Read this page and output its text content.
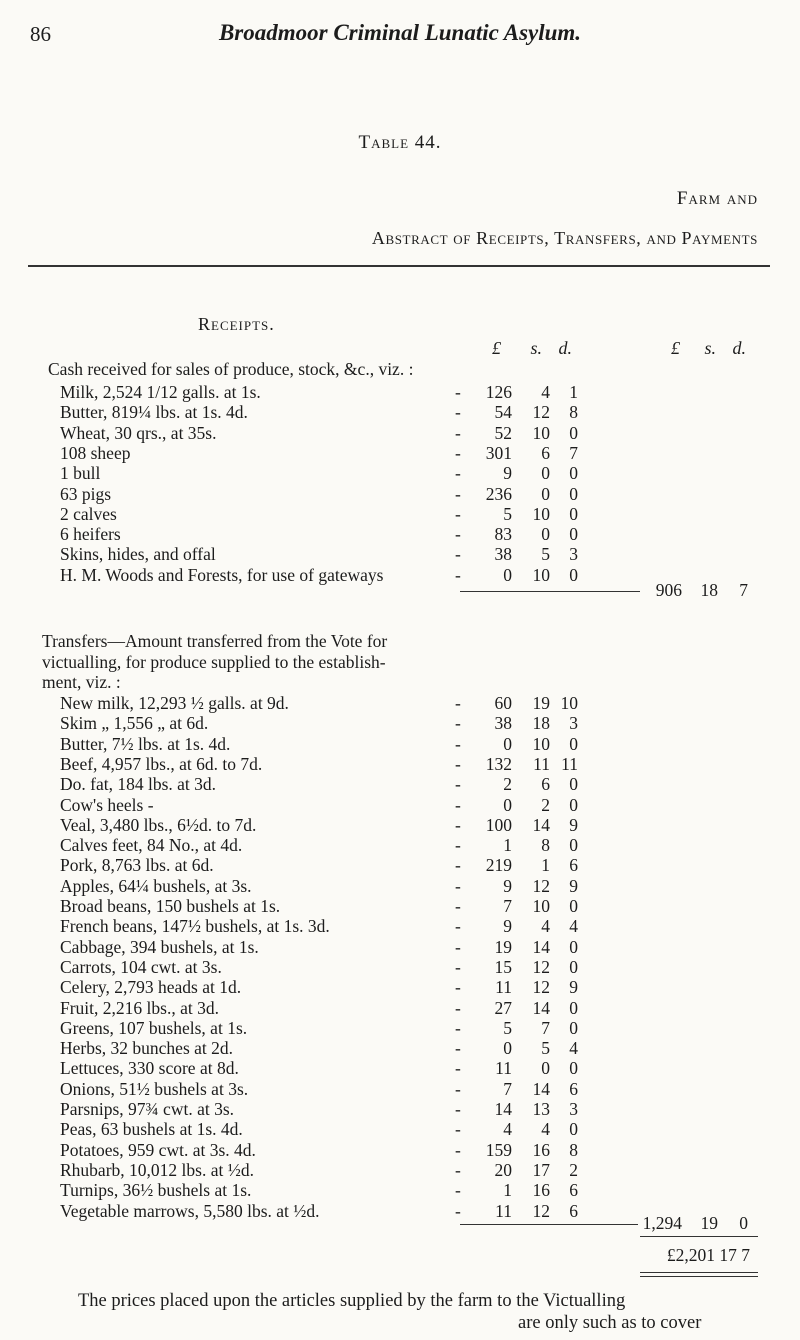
86	Broadmoor Criminal Lunatic Asylum.
Table 44.
Farm and
Abstract of Receipts, Transfers, and Payments
Receipts.
£	s. d.	£	s. d.
Cash received for sales of produce, stock, &c., viz. :
Milk, 2,524 1/12 galls. at 1s.	-	126	4	1
Butter, 819¼ lbs. at 1s. 4d.	-	54	12	8
Wheat, 30 qrs., at 35s.	-	52	10	0
108 sheep	-	301	6	7
1 bull	-	9	0	0
63 pigs	-	236	0	0
2 calves	-	5	10	0
6 heifers	-	83	0	0
Skins, hides, and offal	-	38	5	3
H. M. Woods and Forests, for use of gateways	-	0	10	0
906	18	7
Transfers—Amount transferred from the Vote for
victualling, for produce supplied to the establish-
ment, viz. :
New milk, 12,293 ½ galls. at 9d.	-	60	19 10
Skim „ 1,556 „ at 6d.	-	38	18	3
Butter, 7½ lbs. at 1s. 4d.	-	0	10	0
Beef, 4,957 lbs., at 6d. to 7d.	-	132	11 11
Do. fat, 184 lbs. at 3d.	-	2	6	0
Cow's heels -	-	0	2	0
Veal, 3,480 lbs., 6½d. to 7d.	-	100	14	9
Calves feet, 84 No., at 4d.	-	1	8	0
Pork, 8,763 lbs. at 6d.	-	219	1	6
Apples, 64¼ bushels, at 3s.	-	9	12	9
Broad beans, 150 bushels at 1s.	-	7	10	0
French beans, 147½ bushels, at 1s. 3d.	-	9	4	4
Cabbage, 394 bushels, at 1s.	-	19	14	0
Carrots, 104 cwt. at 3s.	-	15	12	0
Celery, 2,793 heads at 1d.	-	11	12	9
Fruit, 2,216 lbs., at 3d.	-	27	14	0
Greens, 107 bushels, at 1s.	-	5	7	0
Herbs, 32 bunches at 2d.	-	0	5	4
Lettuces, 330 score at 8d.	-	11	0	0
Onions, 51½ bushels at 3s.	-	7	14	6
Parsnips, 97¾ cwt. at 3s.	-	14	13	3
Peas, 63 bushels at 1s. 4d.	-	4	4	0
Potatoes, 959 cwt. at 3s. 4d.	-	159	16	8
Rhubarb, 10,012 lbs. at ½d.	-	20	17	2
Turnips, 36½ bushels at 1s.	-	1	16	6
Vegetable marrows, 5,580 lbs. at ½d.	-	11	12	6
1,294	19	0
£2,201 17 7
The prices placed upon the articles supplied by the farm to the Victualling
are only such as to cover
